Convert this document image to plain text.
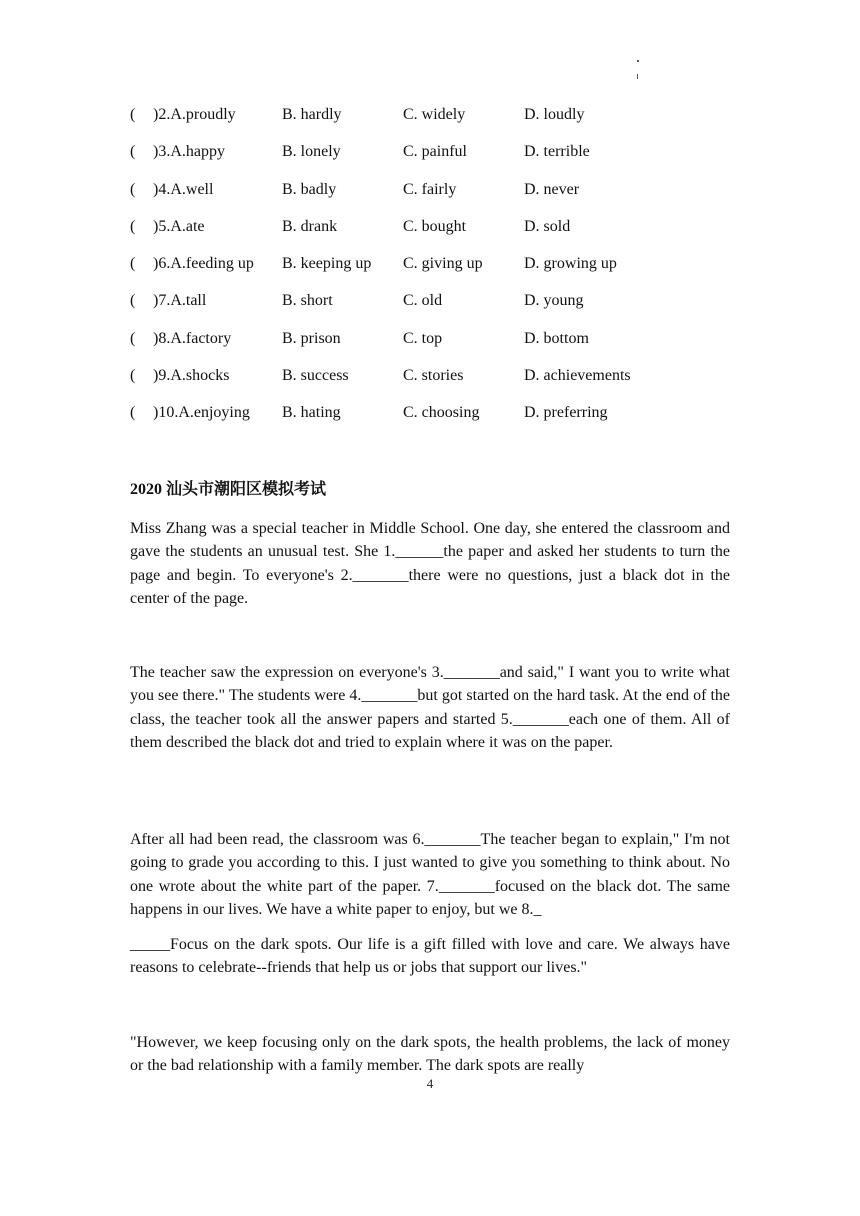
( )2.A.proudly	B. hardly	C. widely	D. loudly
( )3.A.happy	B. lonely	C. painful	D. terrible
( )4.A.well	B. badly	C. fairly	D. never
( )5.A.ate	B. drank	C. bought	D. sold
( )6.A.feeding up B. keeping up C. giving up	D. growing up
( )7.A.tall	B. short	C. old	D. young
( )8.A.factory	B. prison	C. top	D. bottom
( )9.A.shocks	B. success	C. stories	D. achievements
( )10.A.enjoying B. hating	C. choosing	D. preferring
2020 汕头市潮阳区模拟考试

Miss Zhang was a special teacher in Middle School. One day, she entered the classroom and gave the students an unusual test. She 1.______the paper and asked her students to turn the page and begin. To everyone's 2._______there were no questions, just a black dot in the center of the page.

The teacher saw the expression on everyone's 3._______and said," I want you to write what you see there." The students were 4._______but got started on the hard task. At the end of the class, the teacher took all the answer papers and started 5._______each one of them. All of them described the black dot and tried to explain where it was on the paper.

After all had been read, the classroom was 6._______The teacher began to explain," I'm not going to grade you according to this. I just wanted to give you something to think about. No one wrote about the white part of the paper. 7._______focused on the black dot. The same happens in our lives. We have a white paper to enjoy, but we 8._

_____Focus on the dark spots. Our life is a gift filled with love and care. We always have reasons to celebrate--friends that help us or jobs that support our lives."

"However, we keep focusing only on the dark spots, the health problems, the lack of money or the bad relationship with a family member. The dark spots are really

4
